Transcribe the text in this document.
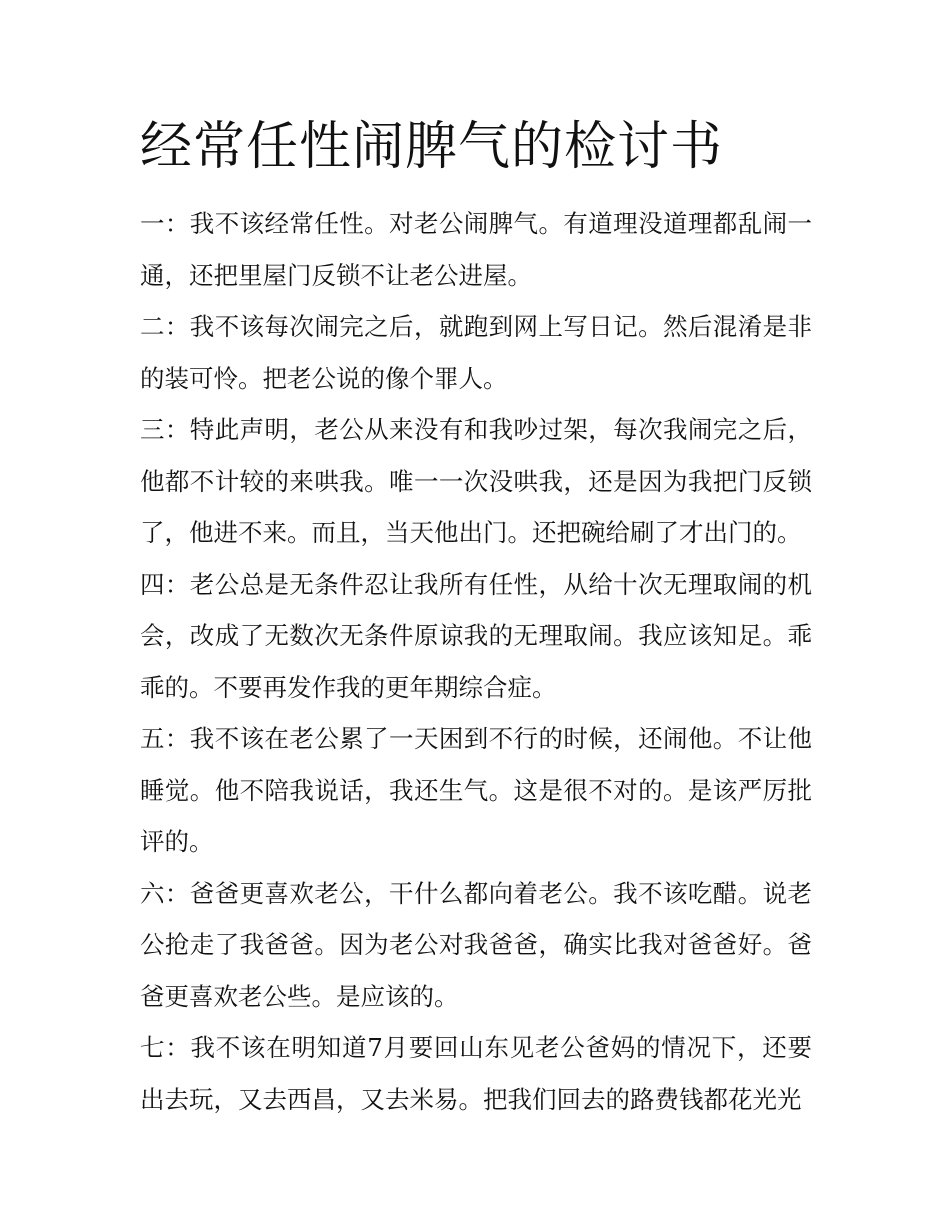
经常任性闹脾气的检讨书

一：我不该经常任性。对老公闹脾气。有道理没道理都乱闹一通，还把里屋门反锁不让老公进屋。

二：我不该每次闹完之后，就跑到网上写日记。然后混淆是非的装可怜。把老公说的像个罪人。

三：特此声明，老公从来没有和我吵过架，每次我闹完之后，他都不计较的来哄我。唯一一次没哄我，还是因为我把门反锁了，他进不来。而且，当天他出门。还把碗给刷了才出门的。

四：老公总是无条件忍让我所有任性，从给十次无理取闹的机会，改成了无数次无条件原谅我的无理取闹。我应该知足。乖乖的。不要再发作我的更年期综合症。

五：我不该在老公累了一天困到不行的时候，还闹他。不让他睡觉。他不陪我说话，我还生气。这是很不对的。是该严厉批评的。

六：爸爸更喜欢老公，干什么都向着老公。我不该吃醋。说老公抢走了我爸爸。因为老公对我爸爸，确实比我对爸爸好。爸爸更喜欢老公些。是应该的。

七：我不该在明知道7月要回山东见老公爸妈的情况下，还要出去玩，又去西昌，又去米易。把我们回去的路费钱都花光光
